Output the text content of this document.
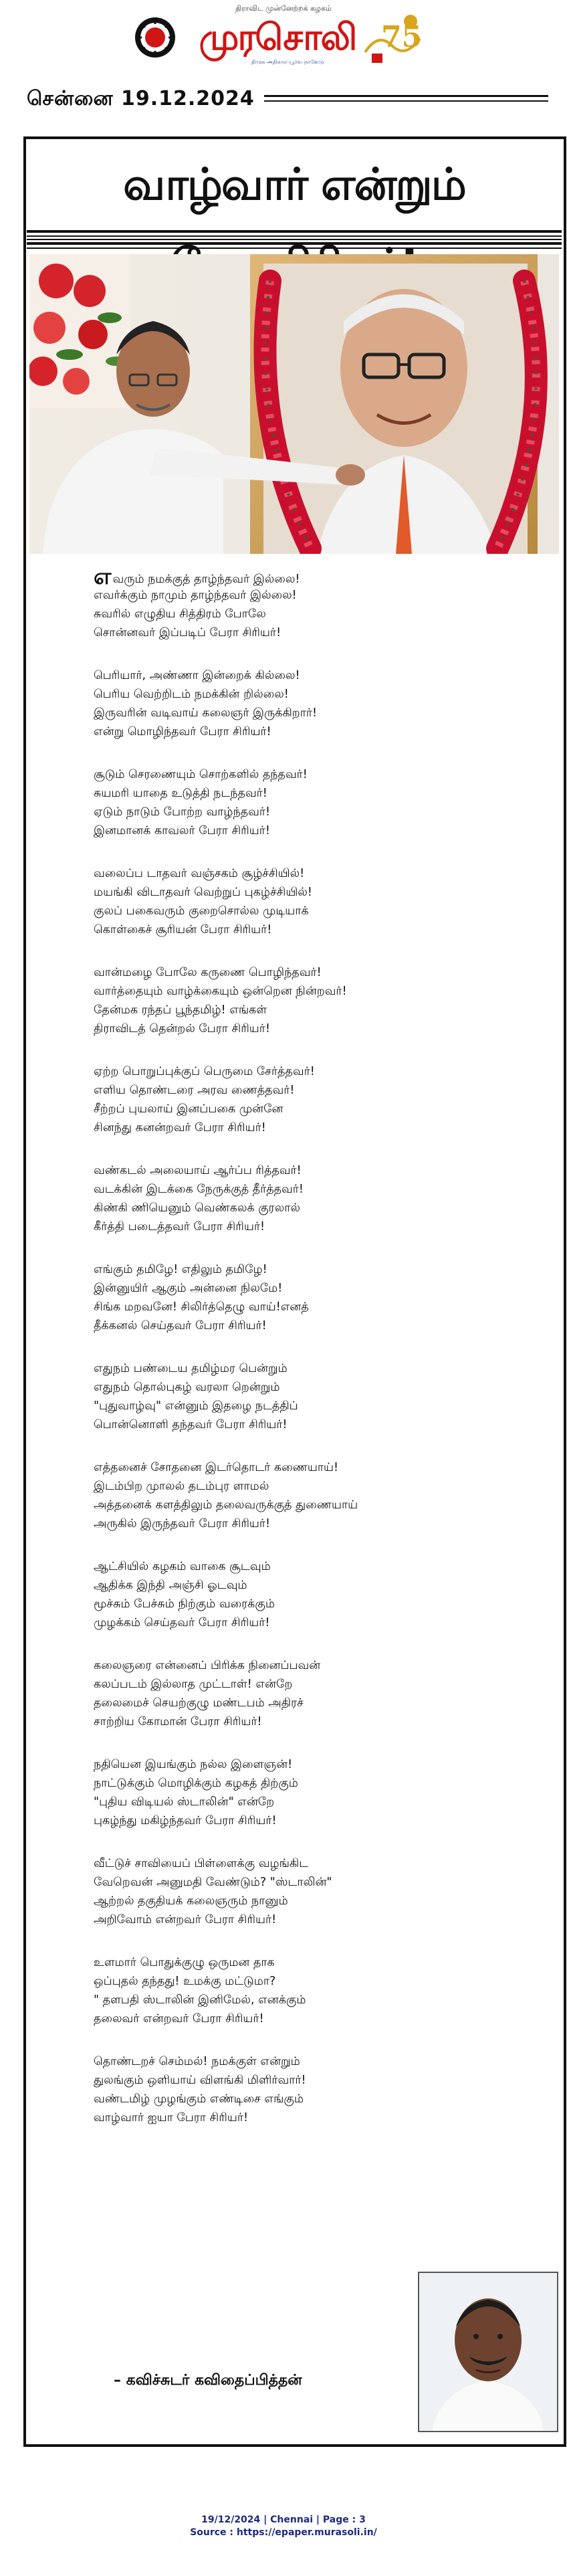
திராவிட முன்னேற்றக் கழகம்
முரசொலி
திமுக அதிகாரப்பூர்வ நாளேடு
75
சென்னை 19.12.2024
வாழ்வார் என்றும்
எவரும் நமக்குத் தாழ்ந்தவர் இல்லை!
எவர்க்கும் நாமும் தாழ்ந்தவர் இல்லை!
சுவரில் எழுதிய சித்திரம் போலே
சொன்னவர் இப்படிப் பேரா சிரியர்!
பெரியார், அண்ணா இன்றைக் கில்லை!
பெரிய வெற்றிடம் நமக்கின் றில்லை!
இருவரின் வடிவாய் கலைஞர் இருக்கிறார்!
என்று மொழிந்தவர் பேரா சிரியர்!
சூடும் செரணையும் சொற்களில் தந்தவர்!
சுயமரி யாதை உடுத்தி நடந்தவர்!
ஏடும் நாடும் போற்ற வாழ்ந்தவர்!
இனமானக் காவலர் பேரா சிரியர்!
வலைப்ப டாதவர் வஞ்சகம் சூழ்ச்சியில்!
மயங்கி விடாதவர் வெற்றுப் புகழ்ச்சியில்!
குலப் பகைவரும் குறைசொல்ல முடியாக்
கொள்கைச் சூரியன் பேரா சிரியர்!
வான்மழை போலே கருணை பொழிந்தவர்!
வார்த்தையும் வாழ்க்கையும் ஒன்றென நின்றவர்!
தேன்மக ரந்தப் பூந்தமிழ்! எங்கள்
திராவிடத் தென்றல் பேரா சிரியர்!
ஏற்ற பொறுப்புக்குப் பெருமை சேர்த்தவர்!
எளிய தொண்டரை அரவ ணைத்தவர்!
சீற்றப் புயலாய் இனப்பகை முன்னே
சினந்து கனன்றவர் பேரா சிரியர்!
வண்கடல் அலையாய் ஆர்ப்ப ரித்தவர்!
வடக்கின் இடக்கை நேருக்குத் தீர்த்தவர்!
கிண்கி ணியெனும் வெண்கலக் குரலால்
கீர்த்தி படைத்தவர் பேரா சிரியர்!
எங்கும் தமிழே! எதிலும் தமிழே!
இன்னுயிர் ஆகும் அன்னை நிலமே!
சிங்க மறவனே! சிலிர்த்தெழு வாய்!எனத்
தீக்கனல் செய்தவர் பேரா சிரியர்!
எதுநம் பண்டைய தமிழ்மர பென்றும்
எதுநம் தொல்புகழ் வரலா றென்றும்
"புதுவாழ்வு" என்னும் இதழை நடத்திப்
பொன்னொளி தந்தவர் பேரா சிரியர்!
எத்தனைச் சோதனை இடர்தொடர் கணையாய்!
இடம்பிற முாலல் தடம்புர ளாமல்
அத்தனைக் களத்திலும் தலைவருக்குத் துணையாய்
அருகில் இருந்தவர் பேரா சிரியர்!
ஆட்சியில் கழகம் வாகை சூடவும்
ஆதிக்க இந்தி அஞ்சி ஓடவும்
மூச்சும் பேச்சும் நிற்கும் வரைக்கும்
முழக்கம் செய்தவர் பேரா சிரியர்!
கலைஞரை என்னைப் பிரிக்க நினைப்பவன்
கலப்படம் இல்லாத முட்டாள்! என்றே
தலைமைச் செயற்குழு மண்டபம் அதிரச்
சாற்றிய கோமான் பேரா சிரியர்!
நதியென இயங்கும் நல்ல இளைஞன்!
நாட்டுக்கும் மொழிக்கும் கழகத் திற்கும்
"புதிய விடியல் ஸ்டாலின்" என்றே
புகழ்ந்து மகிழ்ந்தவர் பேரா சிரியர்!
வீட்டுச் சாவியைப் பிள்ளைக்கு வழங்கிட
வேறெவன் அனுமதி வேண்டும்? "ஸ்டாலின்"
ஆற்றல் தகுதியக் கலைஞரும் நானும்
அறிவோம் என்றவர் பேரா சிரியர்!
உளமார் பொதுக்குழு ஒருமன தாக
ஒப்புதல் தந்தது! உமக்கு மட்டுமா?
" தளபதி ஸ்டாலின் இனிமேல், எனக்கும்
தலைவர் என்றவர் பேரா சிரியர்!
தொண்டறச் செம்மல்! நமக்குள் என்றும்
துலங்கும் ஒளியாய் விளங்கி மிளிர்வார்!
வண்டமிழ் முழங்கும் எண்டிசை எங்கும்
வாழ்வார் ஐயா பேரா சிரியர்!
– கவிச்சுடர் கவிதைப்பித்தன்
19/12/2024 | Chennai | Page : 3
Source : https://epaper.murasoli.in/
